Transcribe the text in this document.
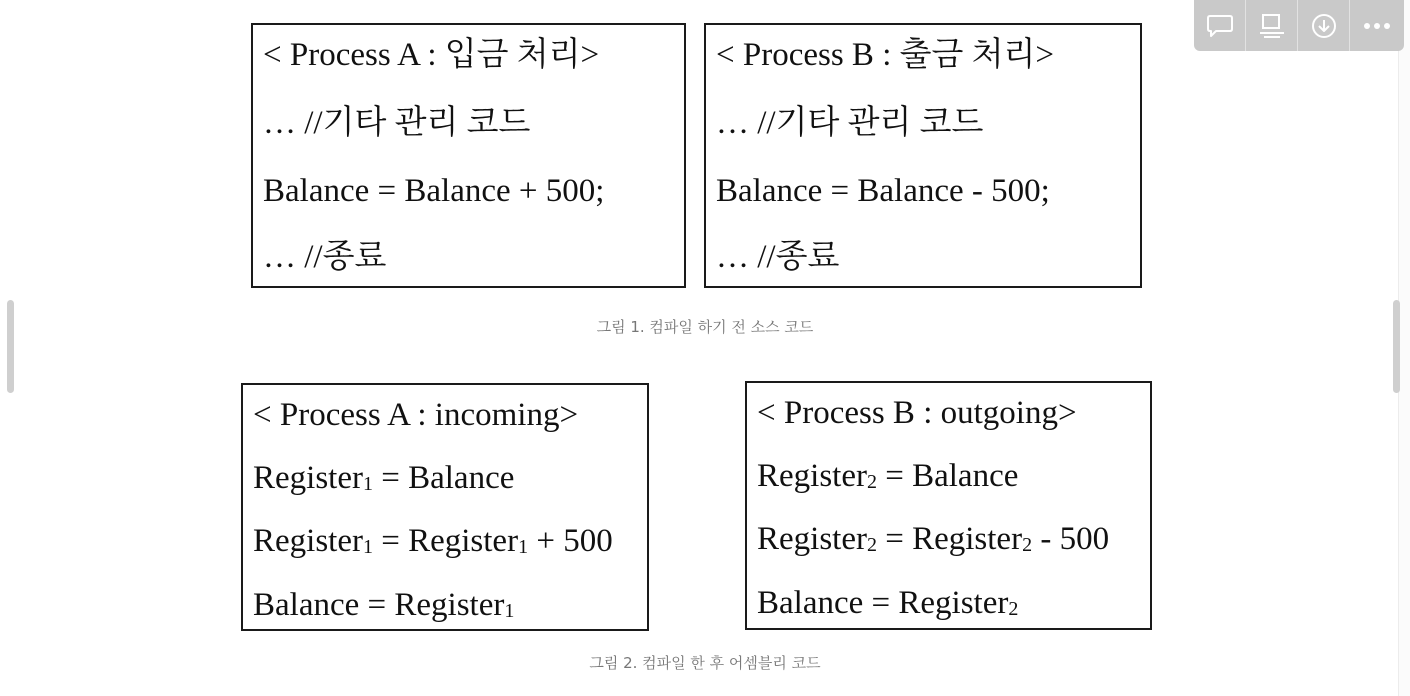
< Process A : 입금 처리>
… //기타 관리 코드
Balance = Balance + 500;
… //종료
< Process B : 출금 처리>
… //기타 관리 코드
Balance = Balance - 500;
… //종료
그림 1. 컴파일 하기 전 소스 코드
< Process A : incoming>
Register$_1$ = Balance
Register$_1$ = Register$_1$ + 500
Balance = Register$_1$
< Process B : outgoing>
Register$_2$ = Balance
Register$_2$ = Register$_2$ - 500
Balance = Register$_2$
그림 2. 컴파일 한 후 어셈블리 코드
